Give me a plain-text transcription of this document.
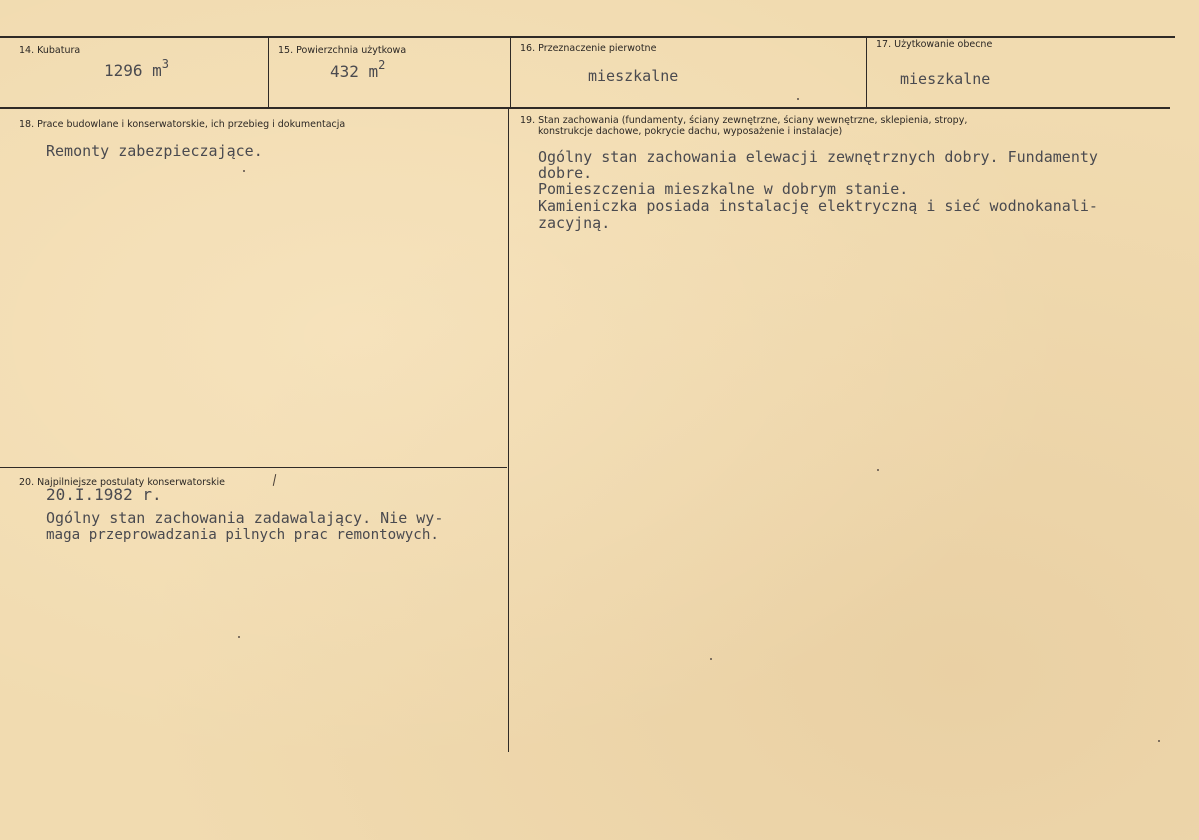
14. Kubatura
1296 $m^3$
15. Powierzchnia użytkowa
432 $m^2$
16. Przeznaczenie pierwotne
mieszkalne
17. Użytkowanie obecne
mieszkalne
18. Prace budowlane i konserwatorskie, ich przebieg i dokumentacja
Remonty zabezpieczające.
19. Stan zachowania (fundamenty, ściany zewnętrzne, ściany wewnętrzne, sklepienia, stropy,
konstrukcje dachowe, pokrycie dachu, wyposażenie i instalacje)
Ogólny stan zachowania elewacji zewnętrznych dobry. Fundamenty
dobre.
Pomieszczenia mieszkalne w dobrym stanie.
Kamieniczka posiada instalację elektryczną i sieć wodnokanali-
zacyjną.
20. Najpilniejsze postulaty konserwatorskie
20.I.1982 r.
Ogólny stan zachowania zadawalający. Nie wy-
maga przeprowadzania pilnych prac remontowych.
